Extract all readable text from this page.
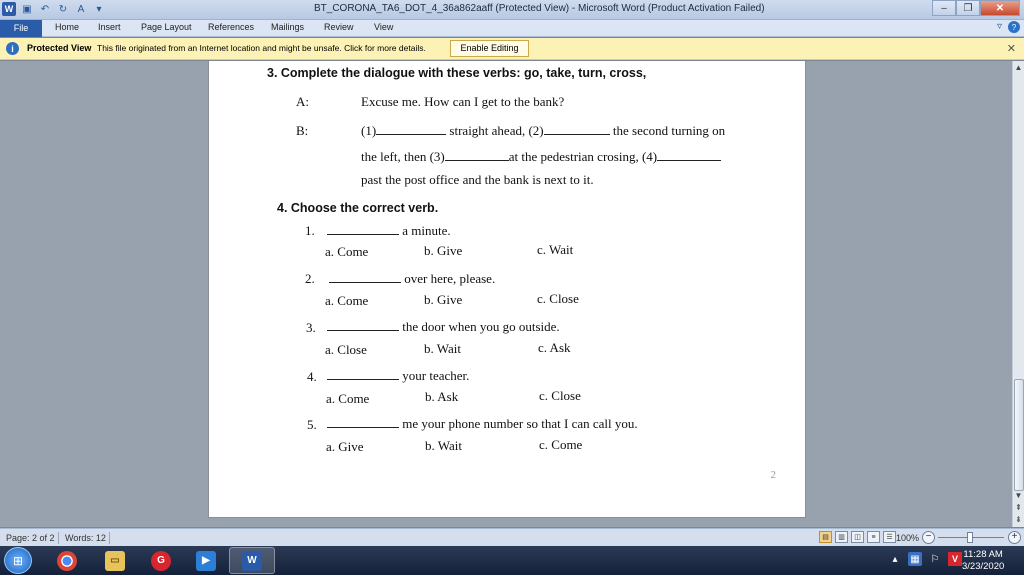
W ▣ ↶ ↻	A	▾	BT_CORONA_TA6_DOT_4_36a862aaff (Protected View) - Microsoft Word (Product Activation Failed)	–	❐	✕
File	Home Insert Page Layout References Mailings Review View	▿	?
i	Protected View This file originated from an Internet location and might be unsafe. Click for more details.	Enable Editing	✕
3. Complete the dialogue with these verbs: go, take, turn, cross,
A:	Excuse me. How can I get to the bank?
B:	(1)	straight ahead, (2)	the second turning on
the left, then (3)	at the pedestrian crosing, (4)
past the post office and the bank is next to it.
4. Choose the correct verb.
1.	a minute.
a. Come	b. Give	c. Wait
2.	over here, please.
a. Come	b. Give	c. Close
3.	the door when you go outside.
a. Close	b. Wait	c. Ask
4.	your teacher.
a. Come	b. Ask	c. Close
5.	me your phone number so that I can call you.
a. Give	b. Wait	c. Come
2
▲
▼
⇞
⇟
Page: 2 of 2 Words: 12	▤	▥	◫	≡	☰ 100% −	+
⊞	▭	G	▶	W	▴	▦ ⚐	V 11:28 AM
3/23/2020
